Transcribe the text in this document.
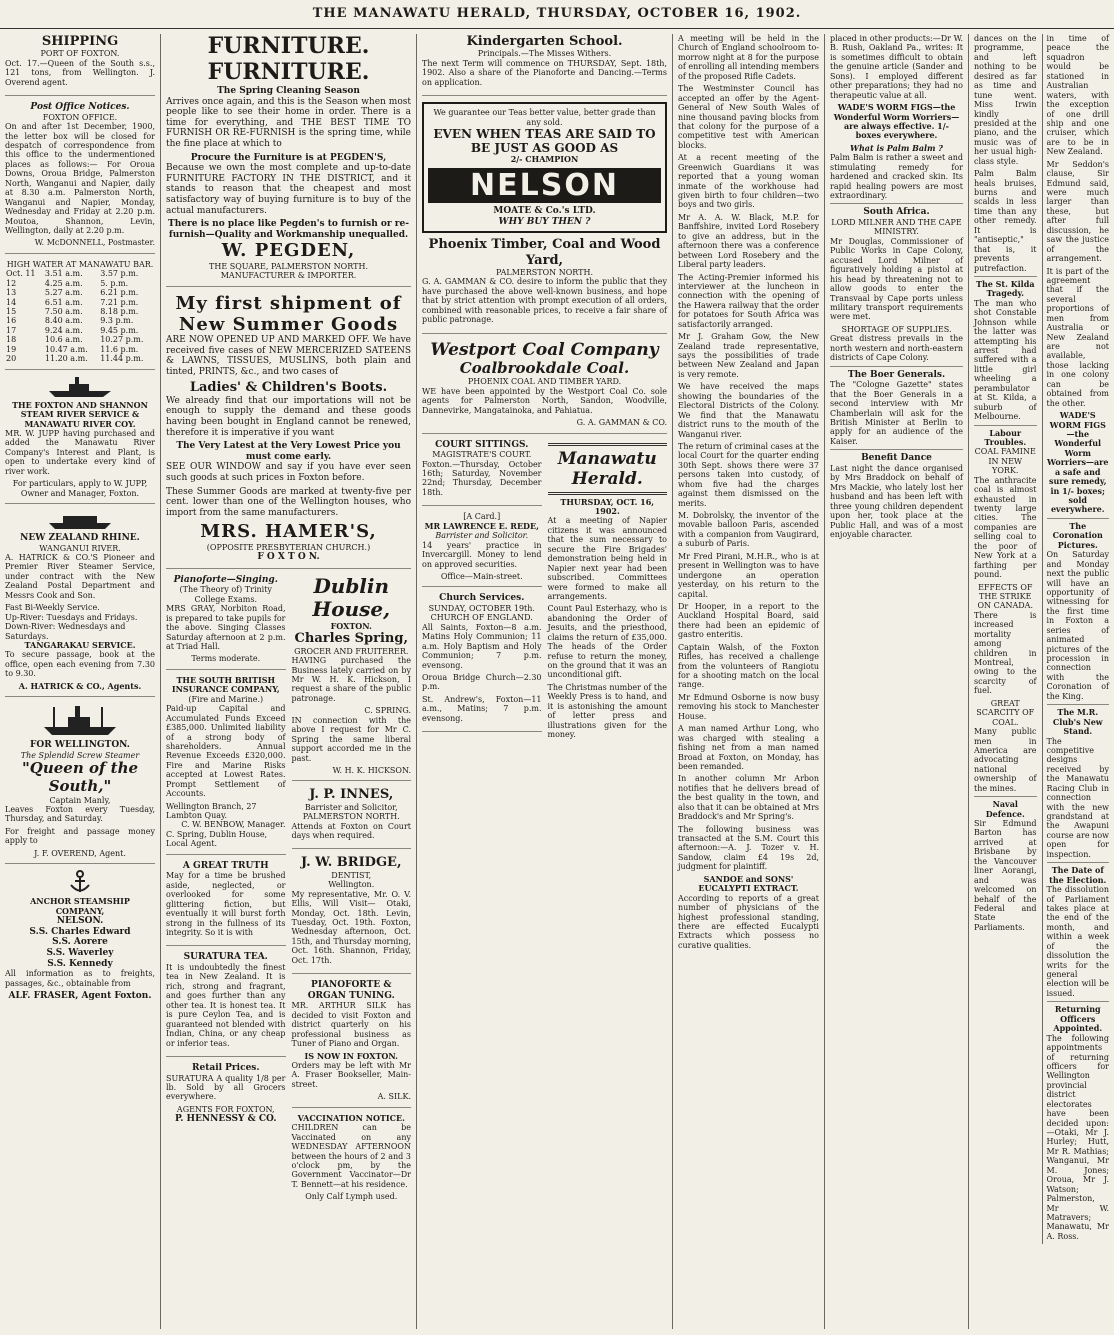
THE MANAWATU HERALD, THURSDAY, OCTOBER 16, 1902.
SHIPPING
PORT OF FOXTON.

Oct. 17.—Queen of the South s.s., 121 tons, from Wellington. J. Overend agent.

Post Office Notices.
FOXTON OFFICE.

On and after 1st December, 1900, the letter box will be closed for despatch of correspondence from this office to the undermentioned places as follows:— For Oroua Downs, Oroua Bridge, Palmerston North, Wanganui and Napier, daily at 8.30 a.m. Palmerston North, Wanganui and Napier, Monday, Wednesday and Friday at 2.20 p.m. Moutoa, Shannon, Levin, Wellington, daily at 2.20 p.m.

W. McDONNELL, Postmaster.
HIGH WATER AT MANAWATU BAR.
Oct. 11	3.51 a.m.	3.57 p.m.
12	4.25 a.m.	5. p.m.
13	5.27 a.m.	6.21 p.m.
14	6.51 a.m.	7.21 p.m.
15	7.50 a.m.	8.18 p.m.
16	8.40 a.m.	9.3 p.m.
17	9.24 a.m.	9.45 p.m.
18	10.6 a.m.	10.27 p.m.
19	10.47 a.m.	11.6 p.m.
20	11.20 a.m.	11.44 p.m.
THE FOXTON AND SHANNON STEAM RIVER SERVICE & MANAWATU RIVER COY.

MR. W. JUPP having purchased and added the Manawatu River Company's Interest and Plant, is open to undertake every kind of river work.

For particulars, apply to W. JUPP, Owner and Manager, Foxton.
NEW ZEALAND RHINE.
WANGANUI RIVER.

A. HATRICK & CO.'S Pioneer and Premier River Steamer Service, under contract with the New Zealand Postal Department and Messrs Cook and Son.

Fast Bi-Weekly Service.
Up-River: Tuesdays and Fridays.
Down-River: Wednesdays and Saturdays.
TANGARAKAU SERVICE.

To secure passage, book at the office, open each evening from 7.30 to 9.30.

A. HATRICK & CO., Agents.
FOR WELLINGTON.
The Splendid Screw Steamer
"Queen of the South,"
Captain Manly,

Leaves Foxton every Tuesday, Thursday, and Saturday.

For freight and passage money apply to

J. F. OVEREND, Agent.
ANCHOR STEAMSHIP COMPANY,
NELSON.
S.S. Charles Edward
S.S. Aorere
S.S. Waverley
S.S. Kennedy

All information as to freights, passages, &c., obtainable from

ALF. FRASER, Agent Foxton.
FURNITURE. FURNITURE.
The Spring Cleaning Season

Arrives once again, and this is the Season when most people like to see their home in order. There is a time for everything, and THE BEST TIME TO FURNISH OR RE-FURNISH is the spring time, while the fine place at which to

Procure the Furniture is at PEGDEN'S,

Because we own the most complete and up-to-date FURNITURE FACTORY IN THE DISTRICT, and it stands to reason that the cheapest and most satisfactory way of buying furniture is to buy of the actual manufacturers.

There is no place like Pegden's to furnish or re-furnish—Quality and Workmanship unequalled.
W. PEGDEN,
THE SQUARE, PALMERSTON NORTH.
MANUFACTURER & IMPORTER.
My first shipment of New Summer Goods

ARE NOW OPENED UP AND MARKED OFF. We have received five cases of NEW MERCERIZED SATEENS & LAWNS, TISSUES, MUSLINS, both plain and tinted, PRINTS, &c., and two cases of

Ladies' & Children's Boots.

We already find that our importations will not be enough to supply the demand and these goods having been bought in England cannot be renewed, therefore it is imperative if you want

The Very Latest at the Very Lowest Price you must come early.

SEE OUR WINDOW and say if you have ever seen such goods at such prices in Foxton before.

These Summer Goods are marked at twenty-five per cent. lower than one of the Wellington houses, who import from the same manufacturers.

MRS. HAMER'S,
(OPPOSITE PRESBYTERIAN CHURCH.)
F O X T O N.
Pianoforte—Singing.
(The Theory of) Trinity College Exams.

MRS GRAY, Norbiton Road, is prepared to take pupils for the above. Singing Classes Saturday afternoon at 2 p.m. at Triad Hall.

Terms moderate.
THE SOUTH BRITISH INSURANCE COMPANY,
(Fire and Marine.)

Paid-up Capital and Accumulated Funds Exceed £385,000. Unlimited liability of a strong body of shareholders. Annual Revenue Exceeds £320,000. Fire and Marine Risks accepted at Lowest Rates. Prompt Settlement of Accounts.

Wellington Branch, 27 Lambton Quay.
C. W. BENBOW, Manager.
C. Spring, Dublin House, Local Agent.
A GREAT TRUTH

May for a time be brushed aside, neglected, or overlooked for some glittering fiction, but eventually it will burst forth strong in the fullness of its integrity. So it is with

SURATURA TEA.

It is undoubtedly the finest tea in New Zealand. It is rich, strong and fragrant, and goes further than any other tea. It is honest tea. It is pure Ceylon Tea, and is guaranteed not blended with Indian, China, or any cheap or inferior teas.

Retail Prices.

SURATURA A quality 1/8 per lb. Sold by all Grocers everywhere.

AGENTS FOR FOXTON,
P. HENNESSY & CO.
Dublin House,
FOXTON.
Charles Spring,
GROCER AND FRUITERER.

HAVING purchased the Business lately carried on by Mr W. H. K. Hickson, I request a share of the public patronage.

C. SPRING.

IN connection with the above I request for Mr C. Spring the same liberal support accorded me in the past.

W. H. K. HICKSON.
J. P. INNES,
Barrister and Solicitor,
PALMERSTON NORTH.

Attends at Foxton on Court days when required.

J. W. BRIDGE,
DENTIST,
Wellington.

My representative, Mr. O. V. Ellis, Will Visit— Otaki, Monday, Oct. 18th. Levin, Tuesday, Oct. 19th. Foxton, Wednesday afternoon, Oct. 15th, and Thursday morning, Oct. 16th. Shannon, Friday, Oct. 17th.

PIANOFORTE & ORGAN TUNING.

MR. ARTHUR SILK has decided to visit Foxton and district quarterly on his professional business as Tuner of Piano and Organ.

IS NOW IN FOXTON.

Orders may be left with Mr A. Fraser Bookseller, Main-street.

A. SILK.
VACCINATION NOTICE.

CHILDREN can be Vaccinated on any WEDNESDAY AFTERNOON between the hours of 2 and 3 o'clock pm, by the Government Vaccinator—Dr T. Bennett—at his residence.

Only Calf Lymph used.
Kindergarten School.
Principals.—The Misses Withers.

The next Term will commence on THURSDAY, Sept. 18th, 1902. Also a share of the Pianoforte and Dancing.—Terms on application.

We guarantee our Teas better value, better grade than any sold.
EVEN WHEN TEAS ARE SAID TO BE JUST AS GOOD AS
2/- CHAMPION
NELSON
MOATE & Co.'s LTD.
WHY BUY THEN ?
Phoenix Timber, Coal and Wood Yard,
PALMERSTON NORTH.

G. A. GAMMAN & CO. desire to inform the public that they have purchased the above well-known business, and hope that by strict attention with prompt execution of all orders, combined with reasonable prices, to receive a fair share of public patronage.

Westport Coal Company
Coalbrookdale Coal.
PHOENIX COAL AND TIMBER YARD.

WE have been appointed by the Westport Coal Co. sole agents for Palmerston North, Sandon, Woodville, Dannevirke, Mangatainoka, and Pahiatua.

G. A. GAMMAN & CO.
COURT SITTINGS.
MAGISTRATE'S COURT.

Foxton.—Thursday, October 16th; Saturday, November 22nd; Thursday, December 18th.

[A Card.]
MR LAWRENCE E. REDE,
Barrister and Solicitor.

14 years' practice in Invercargill. Money to lend on approved securities.

Office—Main-street.
Church Services.
SUNDAY, OCTOBER 19th.
CHURCH OF ENGLAND.

All Saints, Foxton—8 a.m. Matins Holy Communion; 11 a.m. Holy Baptism and Holy Communion; 7 p.m. evensong.

Oroua Bridge Church—2.30 p.m.

St. Andrew's, Foxton—11 a.m., Matins; 7 p.m. evensong.

Manawatu Herald.
THURSDAY, OCT. 16, 1902.

At a meeting of Napier citizens it was announced that the sum necessary to secure the Fire Brigades' demonstration being held in Napier next year had been subscribed. Committees were formed to make all arrangements.

Count Paul Esterhazy, who is abandoning the Order of Jesuits, and the priesthood, claims the return of £35,000. The heads of the Order refuse to return the money, on the ground that it was an unconditional gift.

The Christmas number of the Weekly Press is to hand, and it is astonishing the amount of letter press and illustrations given for the money.

A meeting will be held in the Church of England schoolroom to-morrow night at 8 for the purpose of enrolling all intending members of the proposed Rifle Cadets.

The Westminster Council has accepted an offer by the Agent-General of New South Wales of nine thousand paving blocks from that colony for the purpose of a competitive test with American blocks.

At a recent meeting of the Greenwich Guardians it was reported that a young woman inmate of the workhouse had given birth to four children—two boys and two girls.

Mr A. A. W. Black, M.P. for Banffshire, invited Lord Rosebery to give an address, but in the afternoon there was a conference between Lord Rosebery and the Liberal party leaders.

The Acting-Premier informed his interviewer at the luncheon in connection with the opening of the Hawera railway that the order for potatoes for South Africa was satisfactorily arranged.

Mr J. Graham Gow, the New Zealand trade representative, says the possibilities of trade between New Zealand and Japan is very remote.

We have received the maps showing the boundaries of the Electoral Districts of the Colony. We find that the Manawatu district runs to the mouth of the Wanganui river.

The return of criminal cases at the local Court for the quarter ending 30th Sept. shows there were 37 persons taken into custody, of whom five had the charges against them dismissed on the merits.

M. Dobrolsky, the inventor of the movable balloon Paris, ascended with a companion from Vaugirard, a suburb of Paris.

Mr Fred Pirani, M.H.R., who is at present in Wellington was to have undergone an operation yesterday, on his return to the capital.

Dr Hooper, in a report to the Auckland Hospital Board, said there had been an epidemic of gastro enteritis.

Captain Walsh, of the Foxton Rifles, has received a challenge from the volunteers of Rangiotu for a shooting match on the local range.

Mr Edmund Osborne is now busy removing his stock to Manchester House.

A man named Arthur Long, who was charged with stealing a fishing net from a man named Broad at Foxton, on Monday, has been remanded.

In another column Mr Arbon notifies that he delivers bread of the best quality in the town, and also that it can be obtained at Mrs Braddock's and Mr Spring's.

The following business was transacted at the S.M. Court this afternoon:—A. J. Tozer v. H. Sandow, claim £4 19s 2d, judgment for plaintiff.

SANDOE and SONS' EUCALYPTI EXTRACT.

According to reports of a great number of physicians of the highest professional standing, there are effected Eucalypti Extracts which possess no curative qualities.

placed in other products:—Dr W. B. Rush, Oakland Pa., writes: It is sometimes difficult to obtain the genuine article (Sander and Sons). I employed different other preparations; they had no therapeutic value at all.

WADE'S WORM FIGS—the Wonderful Worm Worriers—are always effective. 1/- boxes everywhere.

What is Palm Balm ?

Palm Balm is rather a sweet and stimulating remedy for hardened and cracked skin. Its rapid healing powers are most extraordinary.

South Africa.
LORD MILNER AND THE CAPE MINISTRY.

Mr Douglas, Commissioner of Public Works in Cape Colony, accused Lord Milner of figuratively holding a pistol at his head by threatening not to allow goods to enter the Transvaal by Cape ports unless military transport requirements were met.

SHORTAGE OF SUPPLIES.

Great distress prevails in the north western and north-eastern districts of Cape Colony.

The Boer Generals.

The "Cologne Gazette" states that the Boer Generals in a second interview with Mr Chamberlain will ask for the British Minister at Berlin to apply for an audience of the Kaiser.

Benefit Dance

Last night the dance organised by Mrs Braddock on behalf of Mrs Mackie, who lately lost her husband and has been left with three young children dependent upon her, took place at the Public Hall, and was of a most enjoyable character.

dances on the programme, and left nothing to be desired as far as time and tune went. Miss Irwin kindly presided at the piano, and the music was of her usual high-class style.

Palm Balm heals bruises, burns and scalds in less time than any other remedy. It is "antiseptic," that is, it prevents putrefaction.

The St. Kilda Tragedy.

The man who shot Constable Johnson while the latter was attempting his arrest had suffered with a little girl wheeling a perambulator at St. Kilda, a suburb of Melbourne.

Labour Troubles.
COAL FAMINE IN NEW YORK.

The anthracite coal is almost exhausted in twenty large cities. The companies are selling coal to the poor of New York at a farthing per pound.

EFFECTS OF THE STRIKE ON CANADA.

There is increased mortality among children in Montreal, owing to the scarcity of fuel.

GREAT SCARCITY OF COAL.

Many public men in America are advocating national ownership of the mines.

Naval Defence.

Sir Edmund Barton has arrived at Brisbane by the Vancouver liner Aorangi, and was welcomed on behalf of the Federal and State Parliaments.

in time of peace the squadron would be stationed in Australian waters, with the exception of one drill ship and one cruiser, which are to be in New Zealand.

Mr Seddon's clause, Sir Edmund said, were much larger than these, but after full discussion, he saw the justice of the arrangement.

It is part of the agreement that if the several proportions of men from Australia or New Zealand are not available, those lacking in one colony can be obtained from the other.

WADE'S WORM FIGS—the Wonderful Worm Worriers—are a safe and sure remedy, in 1/- boxes; sold everywhere.

The Coronation Pictures.

On Saturday and Monday next the public will have an opportunity of witnessing for the first time in Foxton a series of animated pictures of the procession in connection with the Coronation of the King.

The M.R. Club's New Stand.

The competitive designs received by the Manawatu Racing Club in connection with the new grandstand at the Awapuni course are now open for inspection.

The Date of the Election.

The dissolution of Parliament takes place at the end of the month, and within a week of the dissolution the writs for the general election will be issued.

Returning Officers Appointed.

The following appointments of returning officers for Wellington provincial district electorates have been decided upon:—Otaki, Mr J. Hurley; Hutt, Mr R. Mathias; Wanganui, Mr M. Jones; Oroua, Mr J. Watson; Palmerston, Mr W. Matravers; Manawatu, Mr A. Ross.
